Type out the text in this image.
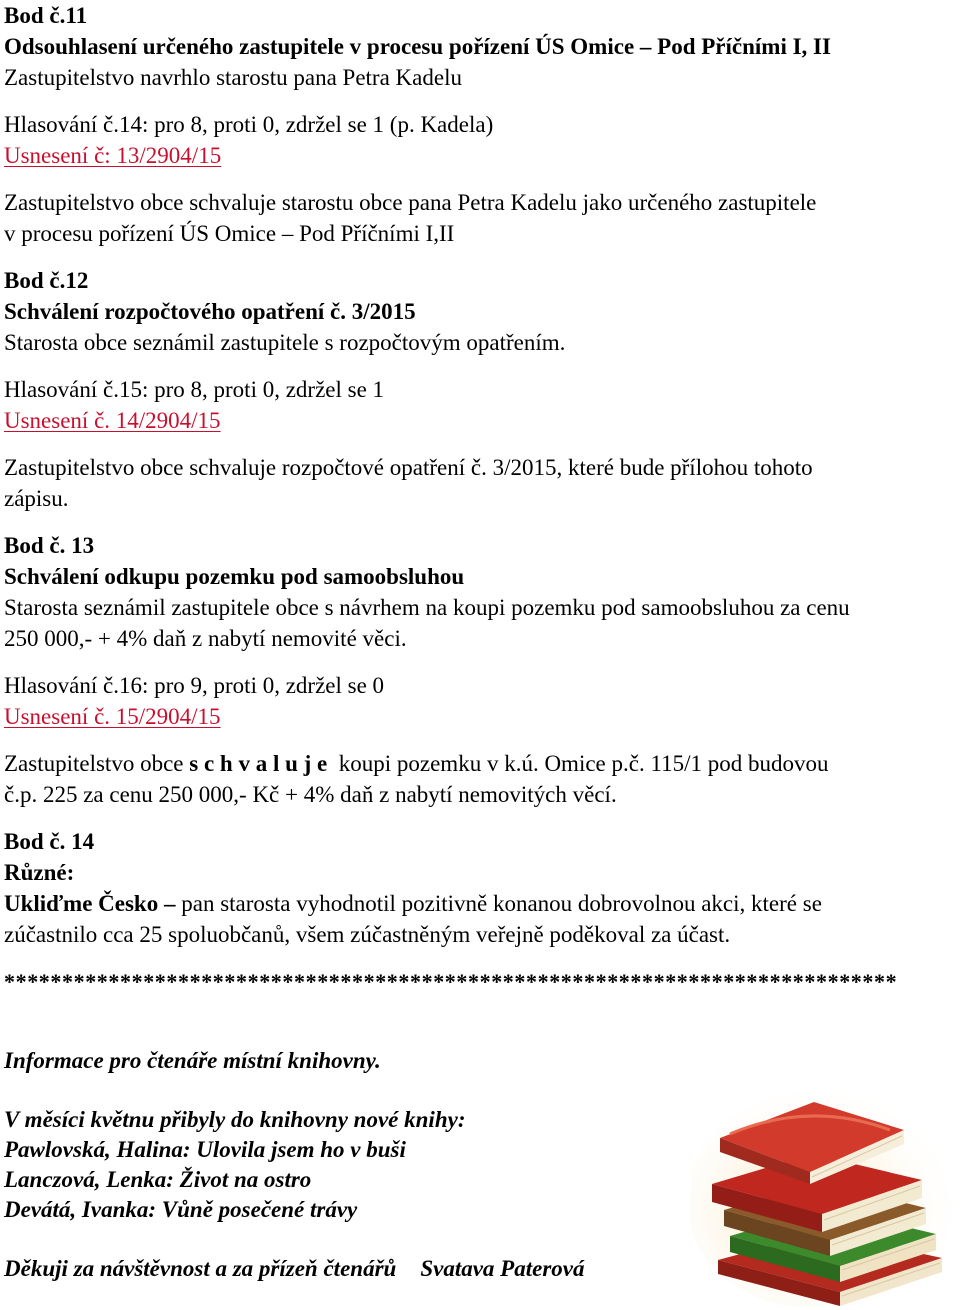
Bod č.11
Odsouhlasení určeného zastupitele v procesu pořízení ÚS Omice – Pod Příčními I, II
Zastupitelstvo navrhlo starostu pana Petra Kadelu
Hlasování č.14: pro 8, proti 0, zdržel se 1 (p. Kadela)
Usnesení č: 13/2904/15
Zastupitelstvo obce schvaluje starostu obce pana Petra Kadelu jako určeného zastupitele
v procesu pořízení ÚS Omice – Pod Příčními I,II
Bod č.12
Schválení rozpočtového opatření č. 3/2015
Starosta obce seznámil zastupitele s rozpočtovým opatřením.
Hlasování č.15: pro 8, proti 0, zdržel se 1
Usnesení č. 14/2904/15
Zastupitelstvo obce schvaluje rozpočtové opatření č. 3/2015, které bude přílohou tohoto
zápisu.
Bod č. 13
Schválení odkupu pozemku pod samoobsluhou
Starosta seznámil zastupitele obce s návrhem na koupi pozemku pod samoobsluhou za cenu
250 000,- + 4% daň z nabytí nemovité věci.
Hlasování č.16: pro 9, proti 0, zdržel se 0
Usnesení č. 15/2904/15
Zastupitelstvo obce s c h v a l u j e  koupi pozemku v k.ú. Omice p.č. 115/1 pod budovou
č.p. 225 za cenu 250 000,- Kč + 4% daň z nabytí nemovitých věcí.
Bod č. 14
Různé:
Ukliďme Česko – pan starosta vyhodnotil pozitivně konanou dobrovolnou akci, které se
zúčastnilo cca 25 spoluobčanů, všem zúčastněným veřejně poděkoval za účast.
*****************************************************************************
Informace pro čtenáře místní knihovny.
V měsíci květnu přibyly do knihovny nové knihy:
Pawlovská, Halina: Ulovila jsem ho v buši
Lanczová, Lenka: Život na ostro
Devátá, Ivanka: Vůně posečené trávy
Děkuji za návštěvnost a za přízeň čtenářů Svatava Paterová
